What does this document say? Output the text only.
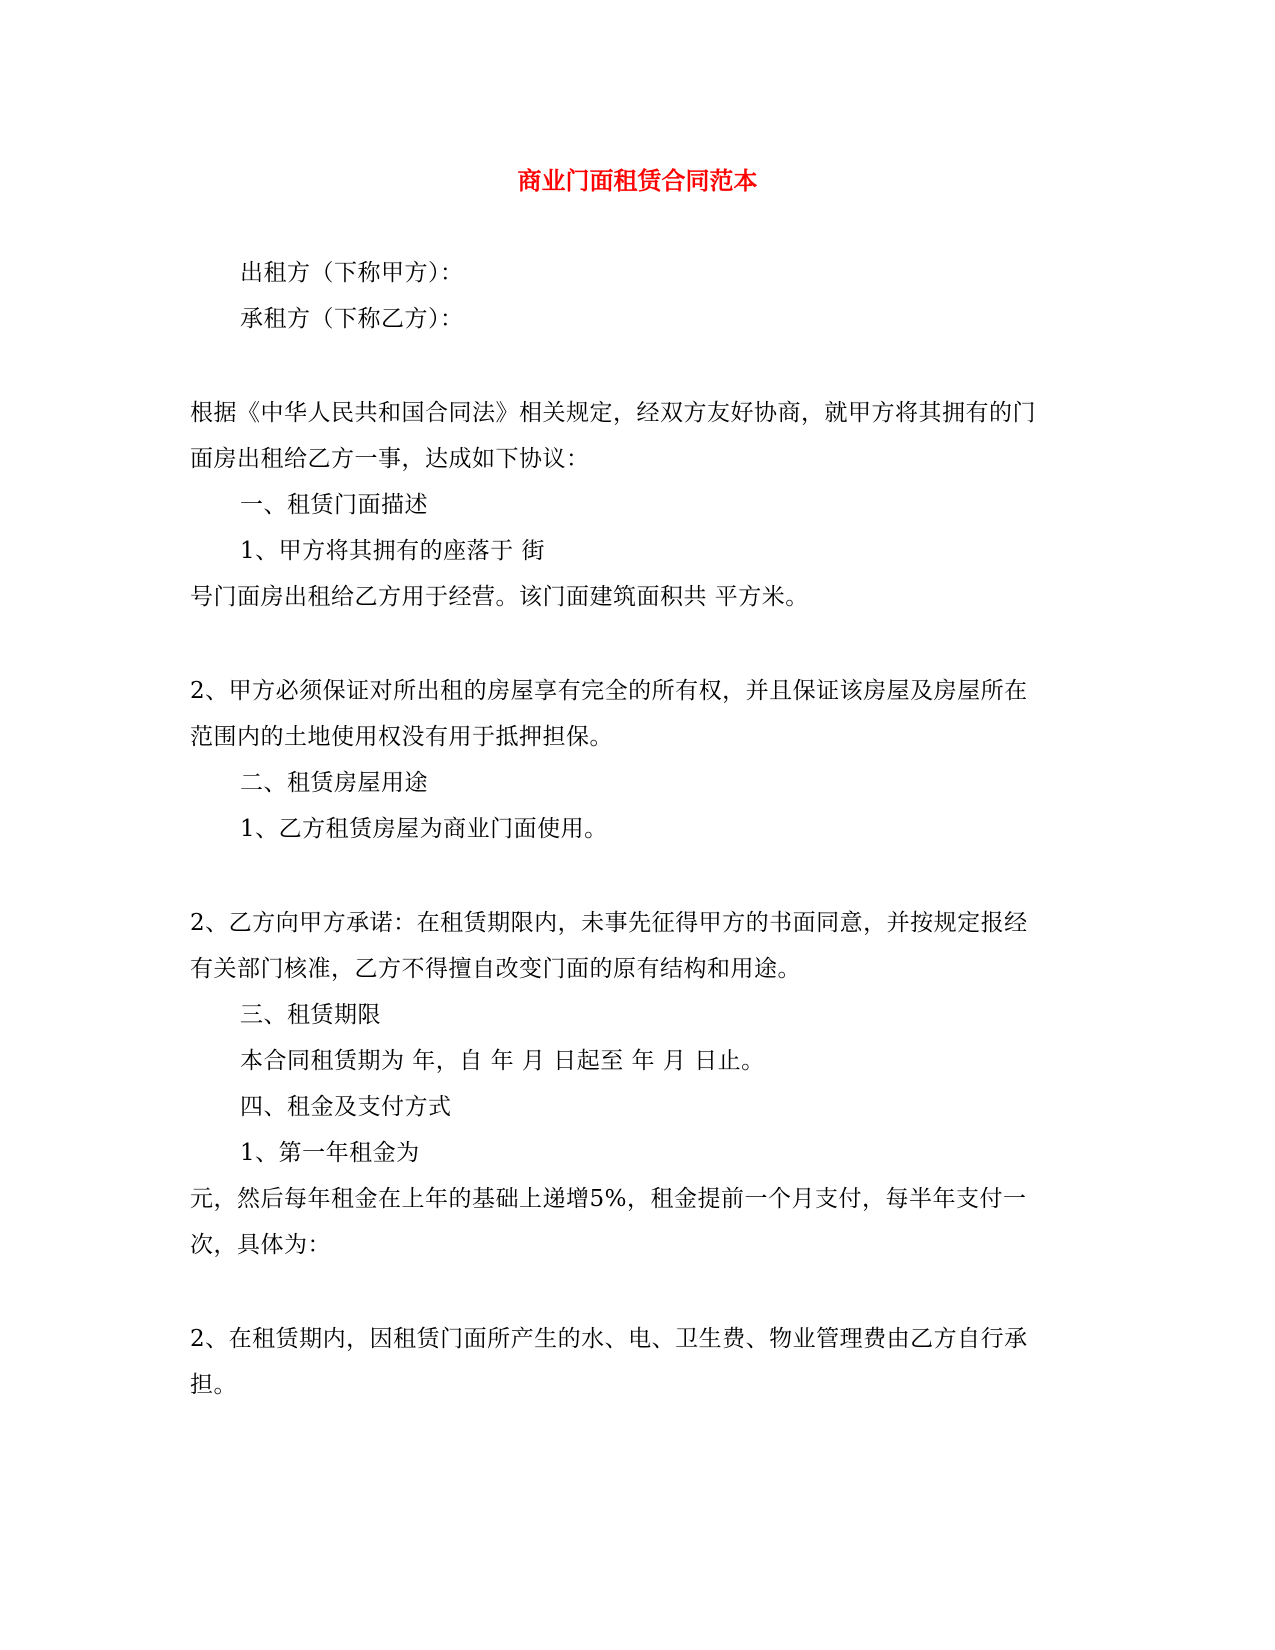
商业门面租赁合同范本
出租方（下称甲方）：
承租方（下称乙方）：
根据《中华人民共和国合同法》相关规定，经双方友好协商，就甲方将其拥有的门
面房出租给乙方一事，达成如下协议：
一、租赁门面描述
1、甲方将其拥有的座落于 街
号门面房出租给乙方用于经营。该门面建筑面积共 平方米。
2、甲方必须保证对所出租的房屋享有完全的所有权，并且保证该房屋及房屋所在
范围内的土地使用权没有用于抵押担保。
二、租赁房屋用途
1、乙方租赁房屋为商业门面使用。
2、乙方向甲方承诺：在租赁期限内，未事先征得甲方的书面同意，并按规定报经
有关部门核准，乙方不得擅自改变门面的原有结构和用途。
三、租赁期限
本合同租赁期为 年，自 年 月 日起至 年 月 日止。
四、租金及支付方式
1、第一年租金为
元，然后每年租金在上年的基础上递增5%，租金提前一个月支付，每半年支付一
次，具体为：
2、在租赁期内，因租赁门面所产生的水、电、卫生费、物业管理费由乙方自行承
担。
